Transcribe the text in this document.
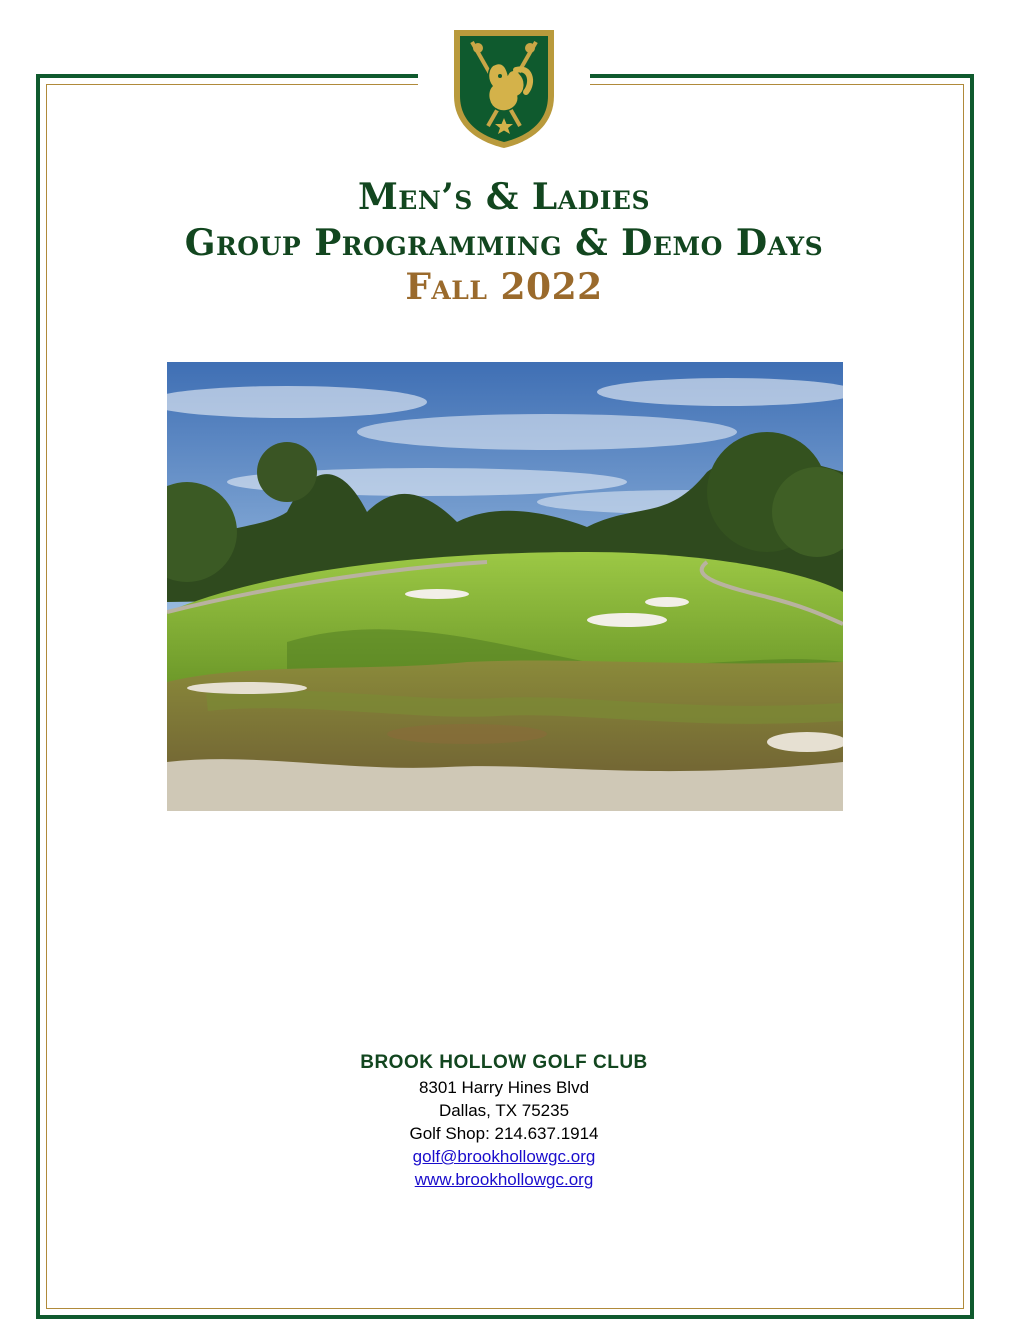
Men’s & Ladies
Group Programming & Demo Days
Fall 2022
BROOK HOLLOW GOLF CLUB
8301 Harry Hines Blvd
Dallas, TX 75235
Golf Shop: 214.637.1914
golf@brookhollowgc.org
www.brookhollowgc.org
